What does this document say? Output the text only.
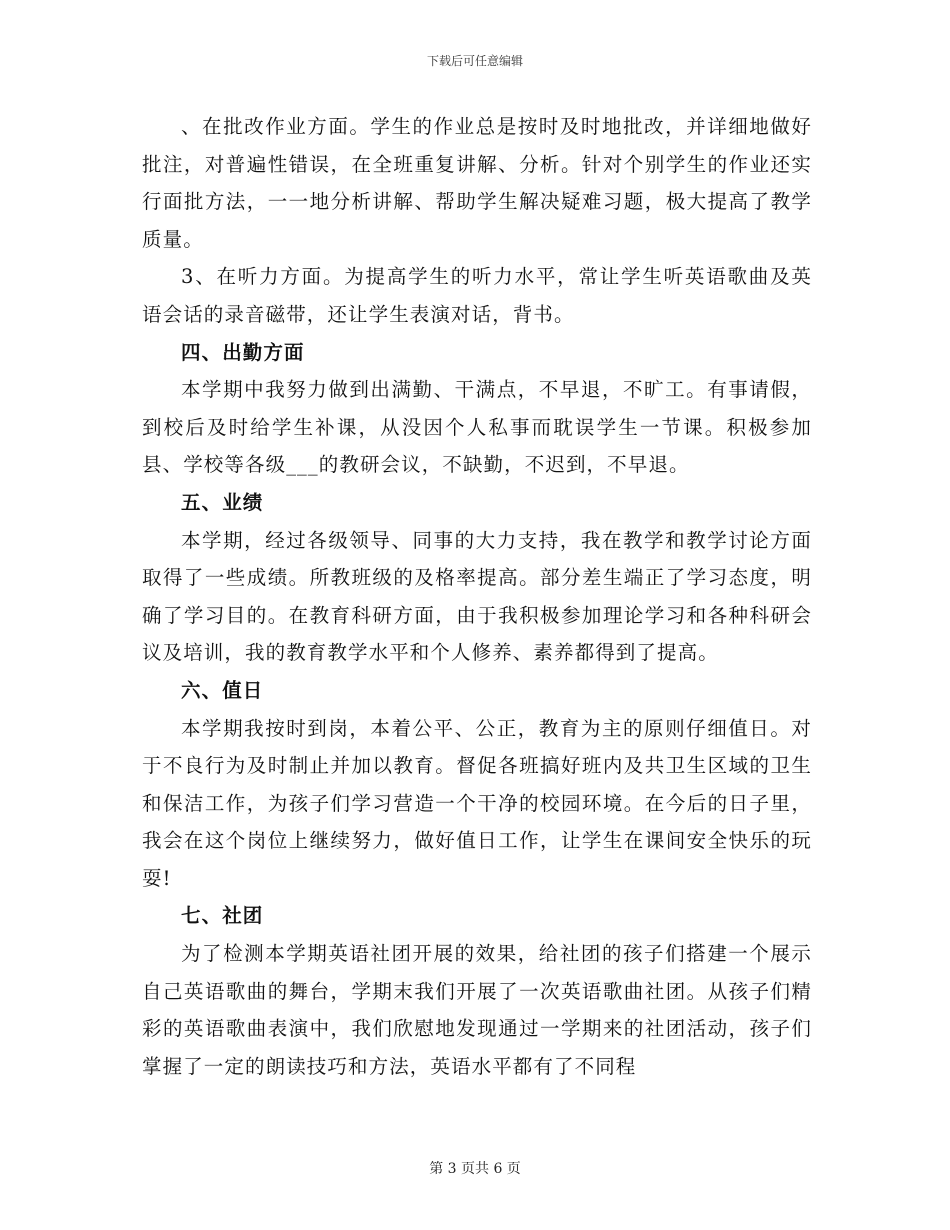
下载后可任意编辑

、在批改作业方面。学生的作业总是按时及时地批改，并详细地做好批注，对普遍性错误，在全班重复讲解、分析。针对个别学生的作业还实行面批方法，一一地分析讲解、帮助学生解决疑难习题，极大提高了教学质量。

3、在听力方面。为提高学生的听力水平，常让学生听英语歌曲及英语会话的录音磁带，还让学生表演对话，背书。

四、出勤方面

本学期中我努力做到出满勤、干满点，不早退，不旷工。有事请假，到校后及时给学生补课，从没因个人私事而耽误学生一节课。积极参加县、学校等各级___的教研会议，不缺勤，不迟到，不早退。

五、业绩

本学期，经过各级领导、同事的大力支持，我在教学和教学讨论方面取得了一些成绩。所教班级的及格率提高。部分差生端正了学习态度，明确了学习目的。在教育科研方面，由于我积极参加理论学习和各种科研会议及培训，我的教育教学水平和个人修养、素养都得到了提高。

六、值日

本学期我按时到岗，本着公平、公正，教育为主的原则仔细值日。对于不良行为及时制止并加以教育。督促各班搞好班内及共卫生区域的卫生和保洁工作，为孩子们学习营造一个干净的校园环境。在今后的日子里，我会在这个岗位上继续努力，做好值日工作，让学生在课间安全快乐的玩耍!

七、社团

为了检测本学期英语社团开展的效果，给社团的孩子们搭建一个展示自己英语歌曲的舞台，学期末我们开展了一次英语歌曲社团。从孩子们精彩的英语歌曲表演中，我们欣慰地发现通过一学期来的社团活动，孩子们掌握了一定的朗读技巧和方法，英语水平都有了不同程

第 3 页共 6 页
